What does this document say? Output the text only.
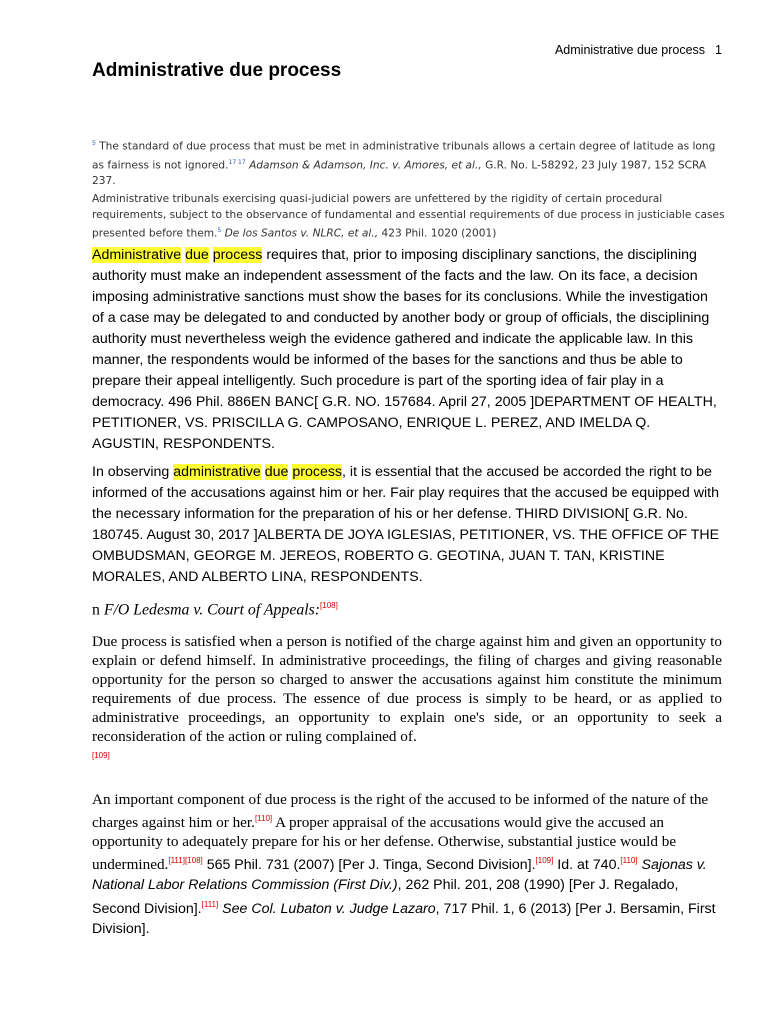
Administrative due process 1
Administrative due process

$^5$ The standard of due process that must be met in administrative tribunals allows a certain degree of latitude as long as fairness is not ignored.$^{17 17}$ Adamson & Adamson, Inc. v. Amores, et al., G.R. No. L-58292, 23 July 1987, 152 SCRA 237.

Administrative tribunals exercising quasi-judicial powers are unfettered by the rigidity of certain procedural requirements, subject to the observance of fundamental and essential requirements of due process in justiciable cases presented before them.$^5$ De los Santos v. NLRC, et al., 423 Phil. 1020 (2001)

Administrative due process requires that, prior to imposing disciplinary sanctions, the disciplining authority must make an independent assessment of the facts and the law. On its face, a decision imposing administrative sanctions must show the bases for its conclusions. While the investigation of a case may be delegated to and conducted by another body or group of officials, the disciplining authority must nevertheless weigh the evidence gathered and indicate the applicable law. In this manner, the respondents would be informed of the bases for the sanctions and thus be able to prepare their appeal intelligently. Such procedure is part of the sporting idea of fair play in a democracy. 496 Phil. 886EN BANC[ G.R. NO. 157684. April 27, 2005 ]DEPARTMENT OF HEALTH, PETITIONER, VS. PRISCILLA G. CAMPOSANO, ENRIQUE L. PEREZ, AND IMELDA Q. AGUSTIN, RESPONDENTS.

In observing administrative due process, it is essential that the accused be accorded the right to be informed of the accusations against him or her. Fair play requires that the accused be equipped with the necessary information for the preparation of his or her defense. THIRD DIVISION[ G.R. No. 180745. August 30, 2017 ]ALBERTA DE JOYA IGLESIAS, PETITIONER, VS. THE OFFICE OF THE OMBUDSMAN, GEORGE M. JEREOS, ROBERTO G. GEOTINA, JUAN T. TAN, KRISTINE MORALES, AND ALBERTO LINA, RESPONDENTS.

n F/O Ledesma v. Court of Appeals:[108]

Due process is satisfied when a person is notified of the charge against him and given an opportunity to explain or defend himself. In administrative proceedings, the filing of charges and giving reasonable opportunity for the person so charged to answer the accusations against him constitute the minimum requirements of due process. The essence of due process is simply to be heard, or as applied to administrative proceedings, an opportunity to explain one's side, or an opportunity to seek a reconsideration of the action or ruling complained of.
[109]

An important component of due process is the right of the accused to be informed of the nature of the charges against him or her.[110] A proper appraisal of the accusations would give the accused an opportunity to adequately prepare for his or her defense. Otherwise, substantial justice would be undermined.[111][108] 565 Phil. 731 (2007) [Per J. Tinga, Second Division].[109] Id. at 740.[110] Sajonas v. National Labor Relations Commission (First Div.), 262 Phil. 201, 208 (1990) [Per J. Regalado, Second Division].[111] See Col. Lubaton v. Judge Lazaro, 717 Phil. 1, 6 (2013) [Per J. Bersamin, First Division].
